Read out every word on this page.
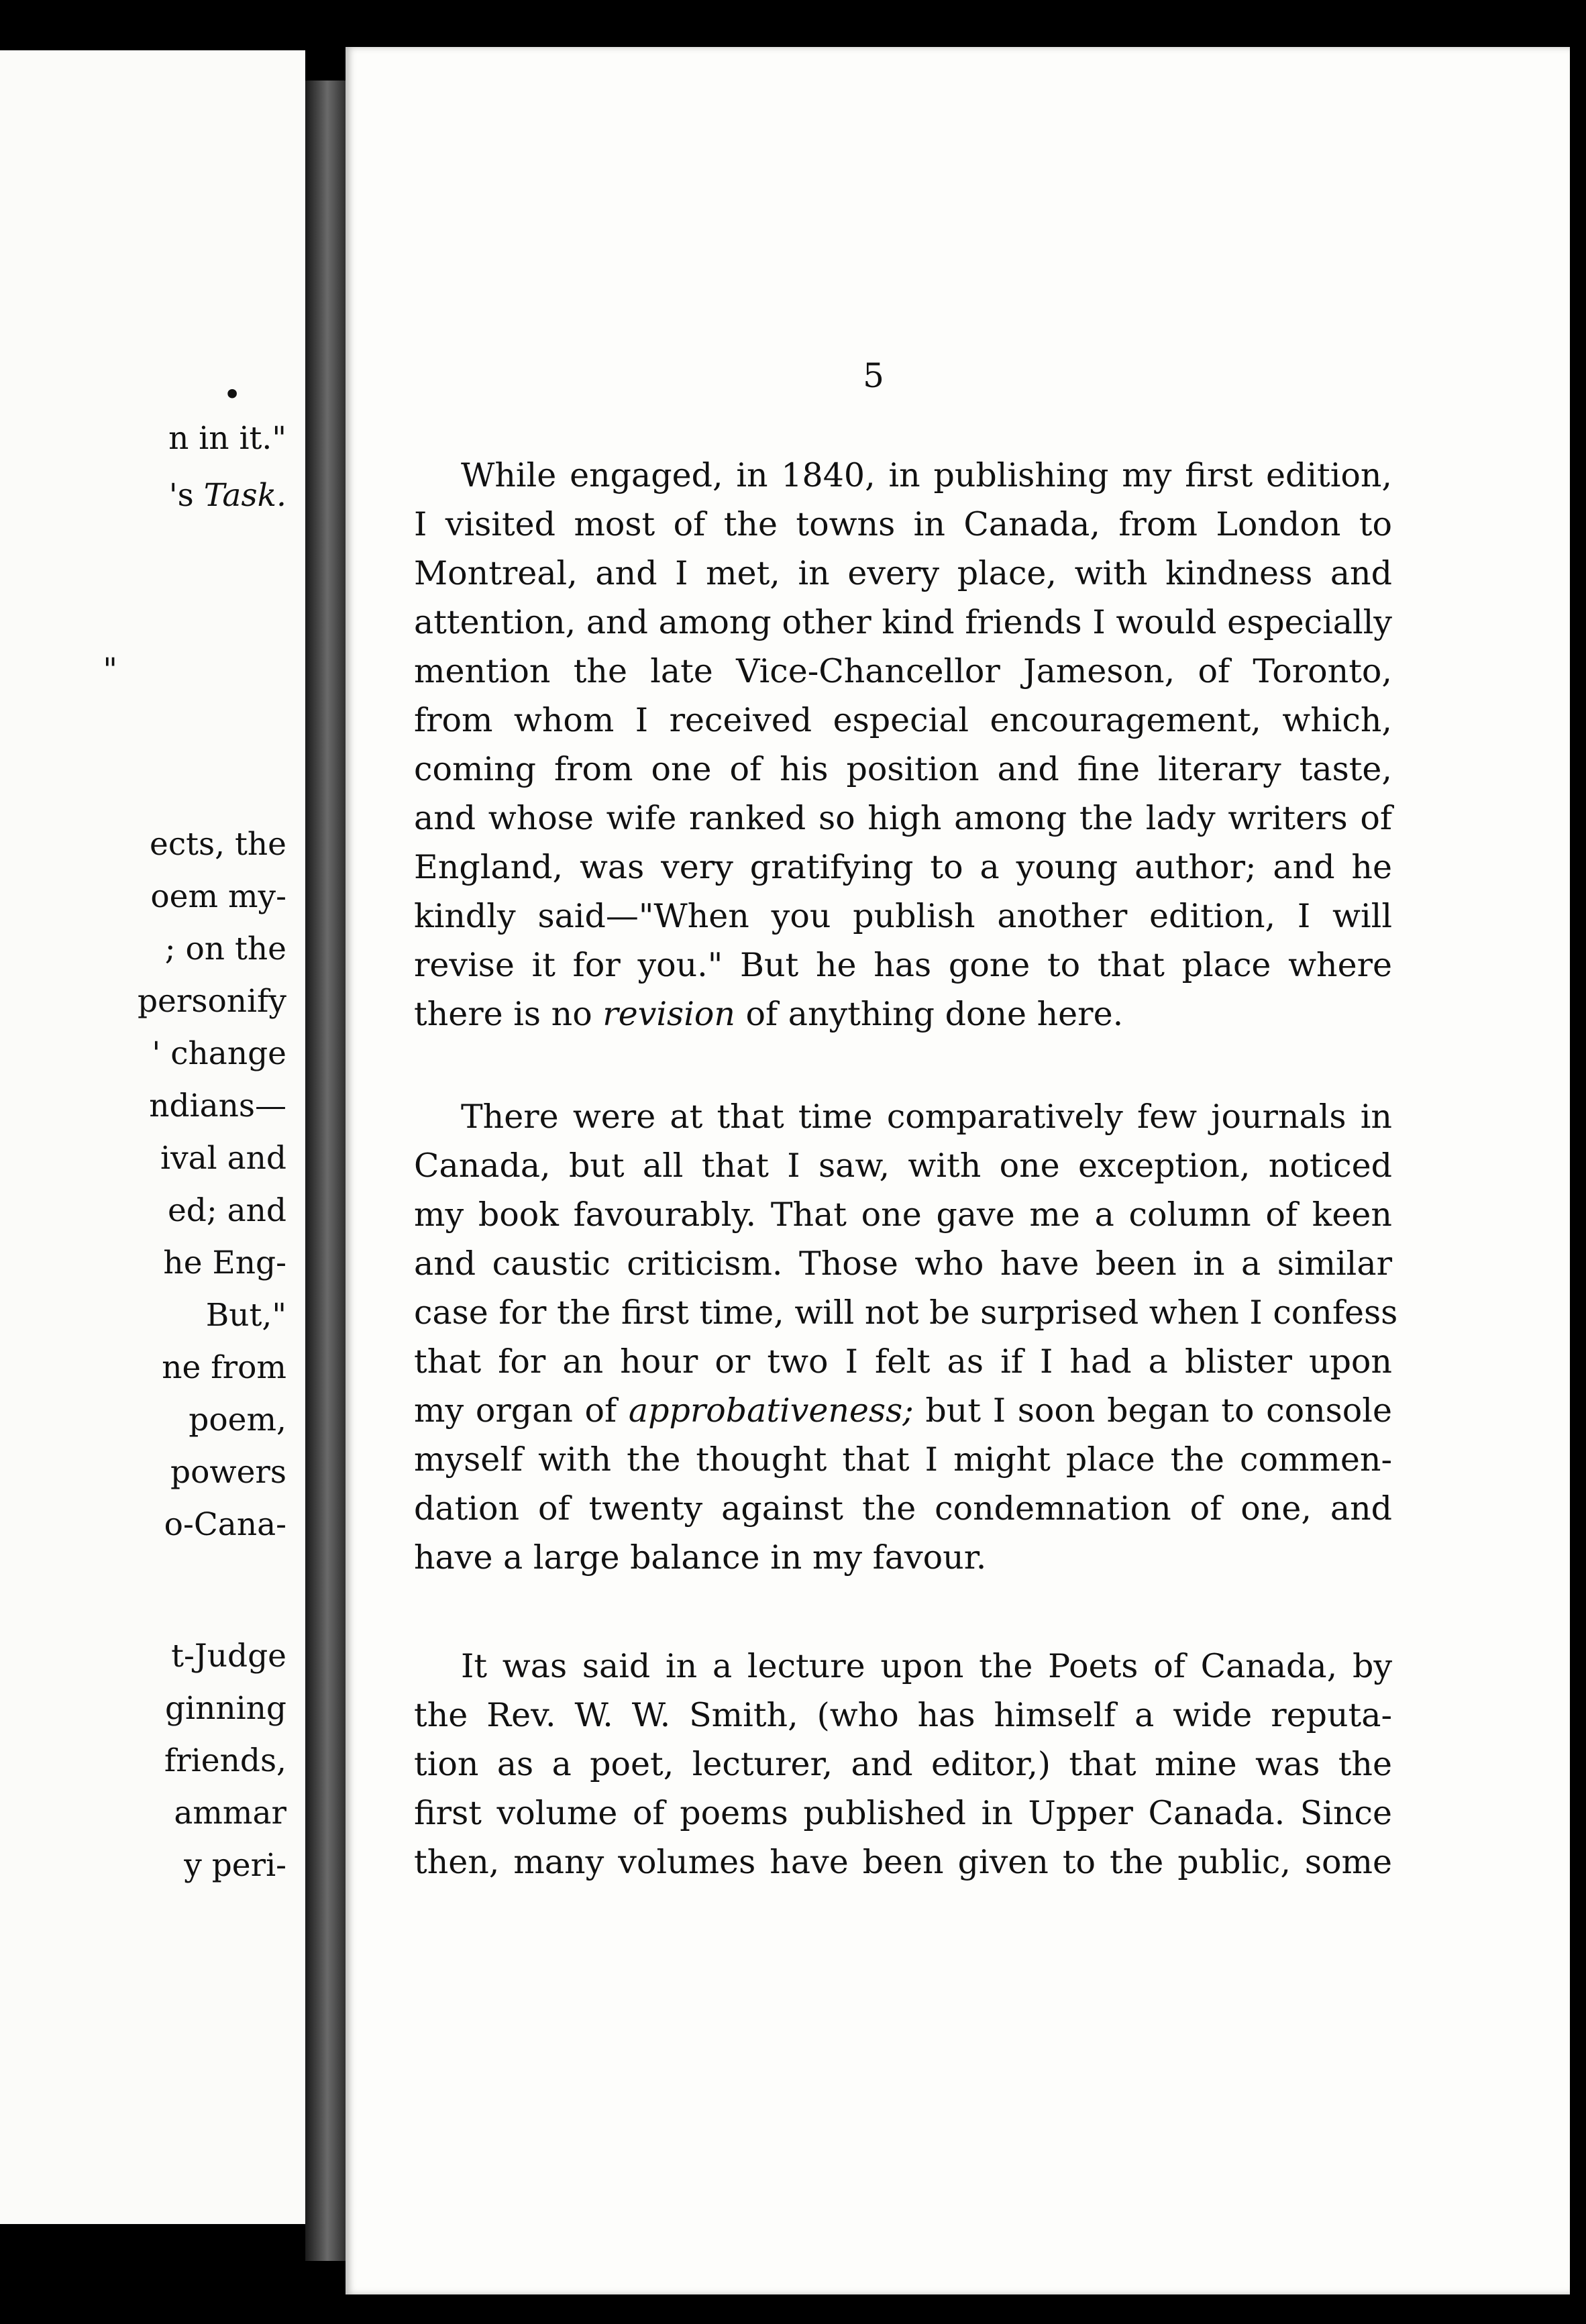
•
n in it."
's Task.
"
ects, the
oem my-
; on the
personify
' change
ndians—
ival and
ed; and
he Eng-
But,"
ne from
poem,
powers
o-Cana-
t-Judge
ginning
friends,
ammar
y peri-
5
While engaged, in 1840, in publishing my first edition,
I visited most of the towns in Canada, from London to
Montreal, and I met, in every place, with kindness and
attention, and among other kind friends I would especially
mention the late Vice-Chancellor Jameson, of Toronto,
from whom I received especial encouragement, which,
coming from one of his position and fine literary taste,
and whose wife ranked so high among the lady writers of
England, was very gratifying to a young author; and he
kindly said—"When you publish another edition, I will
revise it for you." But he has gone to that place where
there is no revision of anything done here.
There were at that time comparatively few journals in
Canada, but all that I saw, with one exception, noticed
my book favourably. That one gave me a column of keen
and caustic criticism. Those who have been in a similar
case for the first time, will not be surprised when I confess
that for an hour or two I felt as if I had a blister upon
my organ of approbativeness; but I soon began to console
myself with the thought that I might place the commen-
dation of twenty against the condemnation of one, and
have a large balance in my favour.
It was said in a lecture upon the Poets of Canada, by
the Rev. W. W. Smith, (who has himself a wide reputa-
tion as a poet, lecturer, and editor,) that mine was the
first volume of poems published in Upper Canada. Since
then, many volumes have been given to the public, some
